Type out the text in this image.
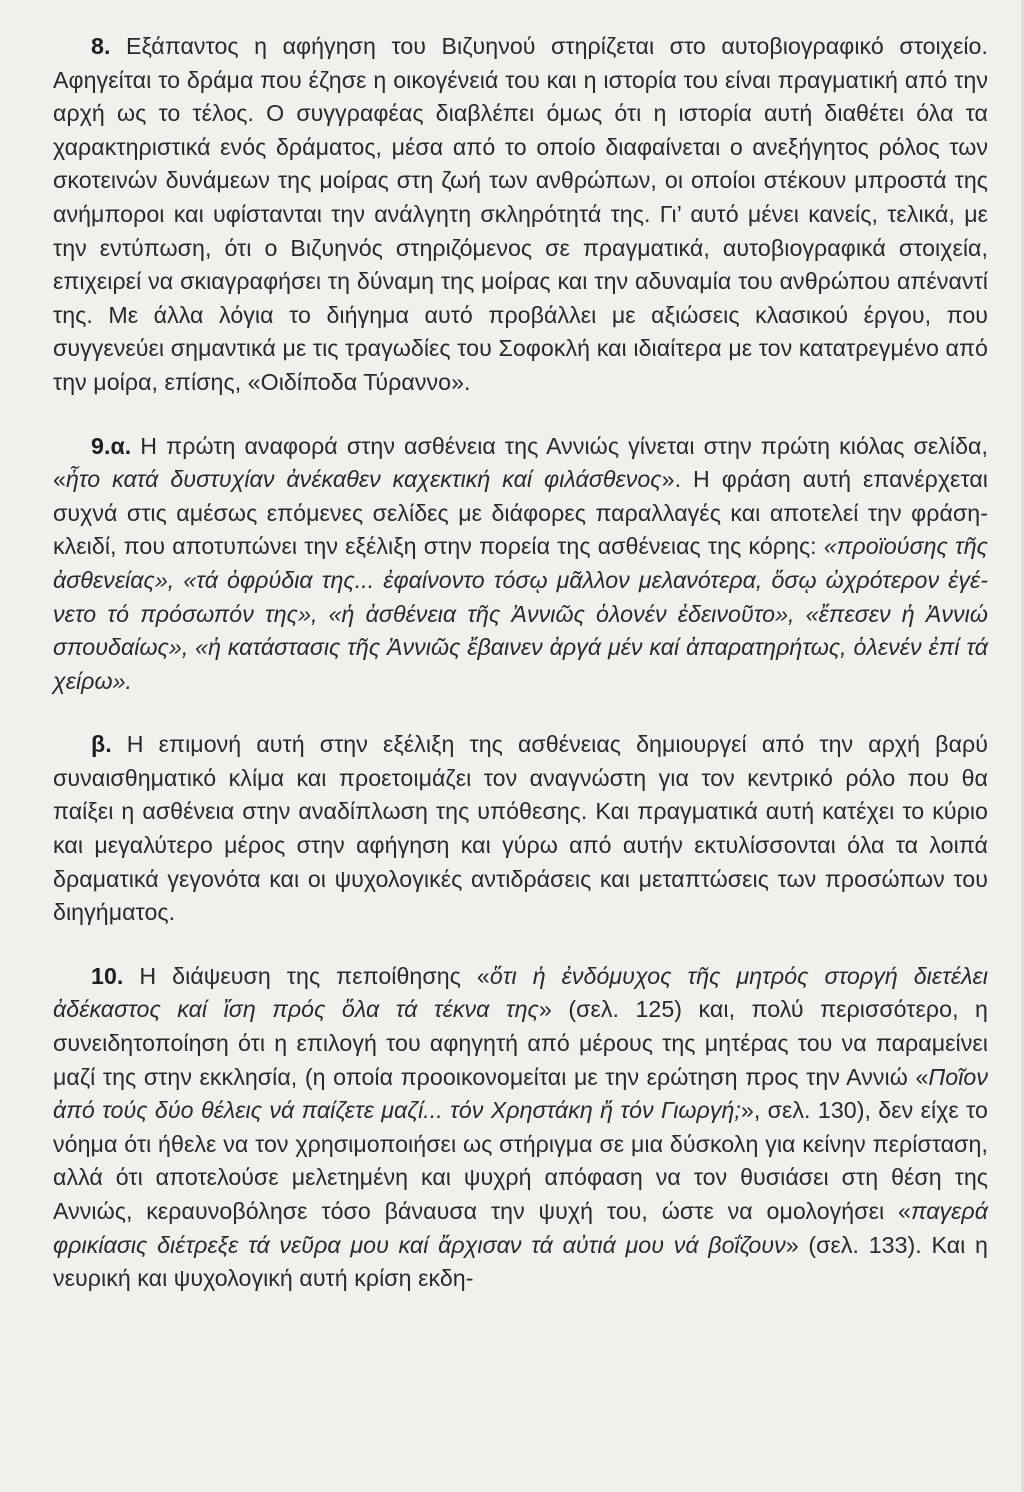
8. Εξάπαντος η αφήγηση του Βιζυηνού στηρίζεται στο αυτοβιογραφικό στοιχείο. Αφηγείται το δράμα που έζησε η οικογένειά του και η ιστορία του είναι πραγματική από την αρχή ως το τέλος. Ο συγγραφέας διαβλέπει όμως ότι η ιστορία αυτή διαθέτει όλα τα χαρακτηριστικά ενός δράματος, μέσα από το οποίο διαφαίνεται ο ανεξήγητος ρόλος των σκοτεινών δυνάμεων της μοίρας στη ζωή των ανθρώπων, οι οποίοι στέκουν μπροστά της ανήμποροι και υφίστανται την ανάλγητη σκληρότητά της. Γι’ αυτό μένει κανείς, τελικά, με την εντύπωση, ότι ο Βιζυηνός στηριζόμενος σε πραγματικά, αυτοβιογραφικά στοιχεία, επιχειρεί να σκιαγραφήσει τη δύναμη της μοίρας και την αδυναμία του ανθρώπου απέναντί της. Με άλλα λόγια το διήγημα αυτό προβάλλει με αξιώσεις κλασικού έργου, που συγγενεύει σημαντικά με τις τραγωδίες του Σοφοκλή και ιδιαίτερα με τον κατατρεγμένο από την μοίρα, επίσης, «Οιδίποδα Τύραννο».

9.α. Η πρώτη αναφορά στην ασθένεια της Αννιώς γίνεται στην πρώτη κιόλας σελίδα, «ἦτο κατά δυστυχίαν ἀνέκαθεν καχεκτική καί φιλάσθενος». Η φράση αυτή επανέρχεται συχνά στις αμέσως επόμενες σελίδες με διάφορες παραλλαγές και αποτελεί την φράση-κλειδί, που αποτυπώνει την εξέλιξη στην πορεία της ασθένειας της κόρης: «προϊούσης τῆς ἀσθενείας», «τά ὀφρύδια της... ἐφαίνοντο τόσῳ μᾶλλον μελανότερα, ὅσῳ ὠχρότερον ἐγένετο τό πρόσωπόν της», «ἡ ἀσθένεια τῆς Ἀννιῶς ὁλονέν ἐδεινοῦτο», «ἔπεσεν ἡ Ἀννιώ σπουδαίως», «ἡ κατάστασις τῆς Ἀννιῶς ἔβαινεν ἀργά μέν καί ἀπαρατηρήτως, ὁλενέν ἐπί τά χείρω».

β. Η επιμονή αυτή στην εξέλιξη της ασθένειας δημιουργεί από την αρχή βαρύ συναισθηματικό κλίμα και προετοιμάζει τον αναγνώστη για τον κεντρικό ρόλο που θα παίξει η ασθένεια στην αναδίπλωση της υπόθεσης. Και πραγματικά αυτή κατέχει το κύριο και μεγαλύτερο μέρος στην αφήγηση και γύρω από αυτήν εκτυλίσσονται όλα τα λοιπά δραματικά γεγονότα και οι ψυχολογικές αντιδράσεις και μεταπτώσεις των προσώπων του διηγήματος.

10. Η διάψευση της πεποίθησης «ὅτι ἡ ἐνδόμυχος τῆς μητρός στοργή διετέλει ἀδέκαστος καί ἴση πρός ὅλα τά τέκνα της» (σελ. 125) και, πολύ περισσότερο, η συνειδητοποίηση ότι η επιλογή του αφηγητή από μέρους της μητέρας του να παραμείνει μαζί της στην εκκλησία, (η οποία προοικονομείται με την ερώτηση προς την Αννιώ «Ποῖον ἀπό τούς δύο θέλεις νά παίζετε μαζί... τόν Χρηστάκη ἤ τόν Γιωργή;», σελ. 130), δεν είχε το νόημα ότι ήθελε να τον χρησιμοποιήσει ως στήριγμα σε μια δύσκολη για κείνην περίσταση, αλλά ότι αποτελούσε μελετημένη και ψυχρή απόφαση να τον θυσιάσει στη θέση της Αννιώς, κεραυνοβόλησε τόσο βάναυσα την ψυχή του, ώστε να ομολογήσει «παγερά φρικίασις διέτρεξε τά νεῦρα μου καί ἄρχισαν τά αὐτιά μου νά βοΐζουν» (σελ. 133). Και η νευρική και ψυχολογική αυτή κρίση εκδη-
